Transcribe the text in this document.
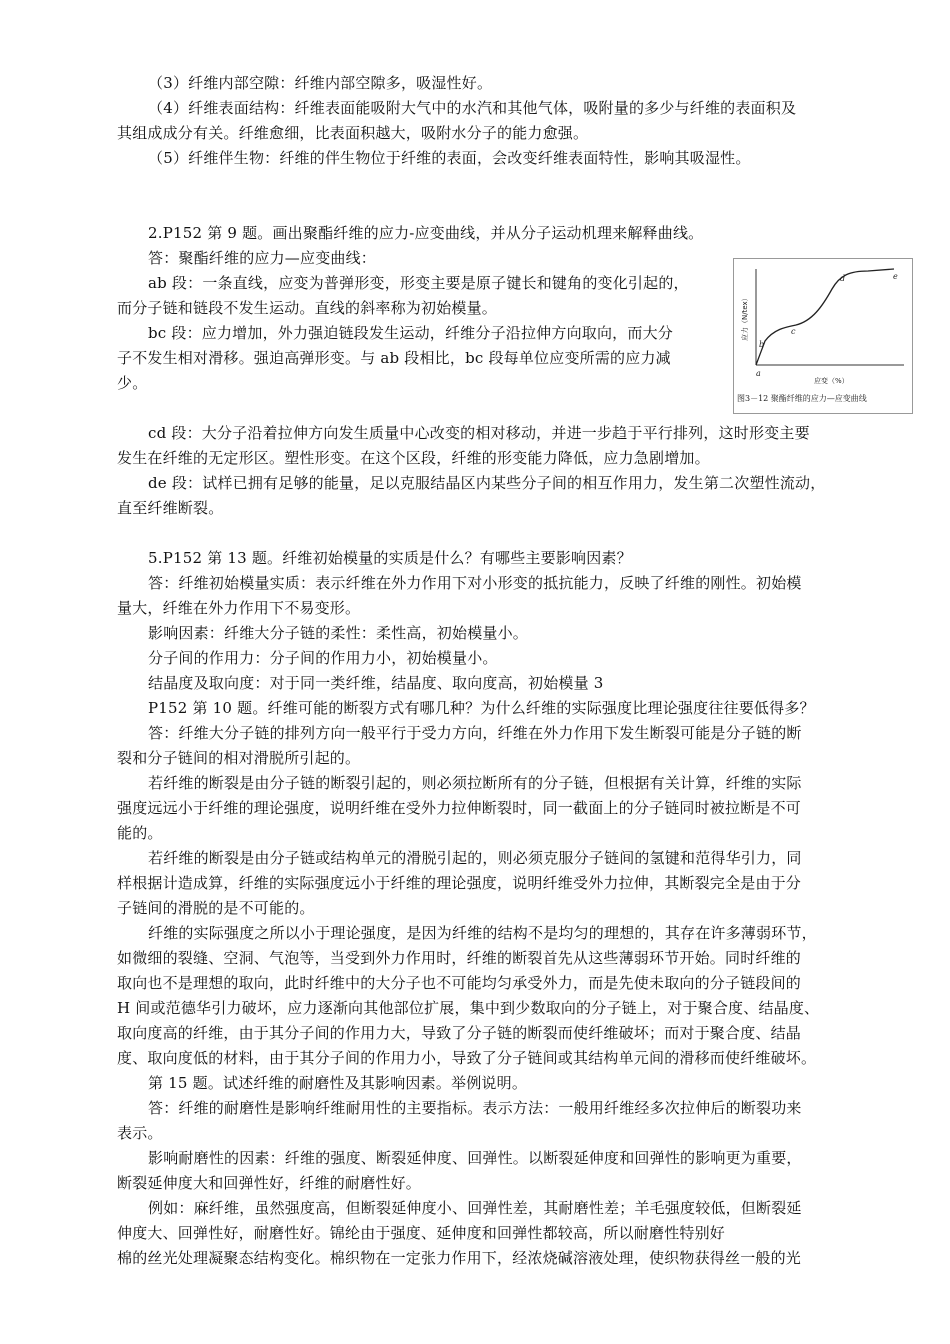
（3）纤维内部空隙：纤维内部空隙多，吸湿性好。
（4）纤维表面结构：纤维表面能吸附大气中的水汽和其他气体，吸附量的多少与纤维的表面积及
其组成成分有关。纤维愈细，比表面积越大，吸附水分子的能力愈强。
（5）纤维伴生物：纤维的伴生物位于纤维的表面，会改变纤维表面特性，影响其吸湿性。
2.P152 第 9 题。画出聚酯纤维的应力-应变曲线，并从分子运动机理来解释曲线。
答：聚酯纤维的应力—应变曲线：
ab 段：一条直线，应变为普弹形变，形变主要是原子键长和键角的变化引起的，
而分子链和链段不发生运动。直线的斜率称为初始模量。
bc 段：应力增加，外力强迫链段发生运动，纤维分子沿拉伸方向取向，而大分
子不发生相对滑移。强迫高弹形变。与 ab 段相比，bc 段每单位应变所需的应力减
少。
a
b
c
d	e
应力（N/tex）
应变（%）
图3－12 聚酯纤维的应力—应变曲线
cd 段：大分子沿着拉伸方向发生质量中心改变的相对移动，并进一步趋于平行排列，这时形变主要
发生在纤维的无定形区。塑性形变。在这个区段，纤维的形变能力降低，应力急剧增加。
de 段：试样已拥有足够的能量，足以克服结晶区内某些分子间的相互作用力，发生第二次塑性流动，
直至纤维断裂。
5.P152 第 13 题。纤维初始模量的实质是什么？有哪些主要影响因素？
答：纤维初始模量实质：表示纤维在外力作用下对小形变的抵抗能力，反映了纤维的刚性。初始模
量大，纤维在外力作用下不易变形。
影响因素：纤维大分子链的柔性：柔性高，初始模量小。
分子间的作用力：分子间的作用力小，初始模量小。
结晶度及取向度：对于同一类纤维，结晶度、取向度高，初始模量 3
P152 第 10 题。纤维可能的断裂方式有哪几种？为什么纤维的实际强度比理论强度往往要低得多？
答：纤维大分子链的排列方向一般平行于受力方向，纤维在外力作用下发生断裂可能是分子链的断
裂和分子链间的相对滑脱所引起的。
若纤维的断裂是由分子链的断裂引起的，则必须拉断所有的分子链，但根据有关计算，纤维的实际
强度远远小于纤维的理论强度，说明纤维在受外力拉伸断裂时，同一截面上的分子链同时被拉断是不可
能的。
若纤维的断裂是由分子链或结构单元的滑脱引起的，则必须克服分子链间的氢键和范得华引力，同
样根据计造成算，纤维的实际强度远小于纤维的理论强度，说明纤维受外力拉伸，其断裂完全是由于分
子链间的滑脱的是不可能的。
纤维的实际强度之所以小于理论强度，是因为纤维的结构不是均匀的理想的，其存在许多薄弱环节，
如微细的裂缝、空洞、气泡等，当受到外力作用时，纤维的断裂首先从这些薄弱环节开始。同时纤维的
取向也不是理想的取向，此时纤维中的大分子也不可能均匀承受外力，而是先使未取向的分子链段间的
H 间或范德华引力破坏，应力逐渐向其他部位扩展，集中到少数取向的分子链上，对于聚合度、结晶度、
取向度高的纤维，由于其分子间的作用力大，导致了分子链的断裂而使纤维破坏；而对于聚合度、结晶
度、取向度低的材料，由于其分子间的作用力小，导致了分子链间或其结构单元间的滑移而使纤维破坏。
第 15 题。试述纤维的耐磨性及其影响因素。举例说明。
答：纤维的耐磨性是影响纤维耐用性的主要指标。表示方法：一般用纤维经多次拉伸后的断裂功来
表示。
影响耐磨性的因素：纤维的强度、断裂延伸度、回弹性。以断裂延伸度和回弹性的影响更为重要，
断裂延伸度大和回弹性好，纤维的耐磨性好。
例如：麻纤维，虽然强度高，但断裂延伸度小、回弹性差，其耐磨性差；羊毛强度较低，但断裂延
伸度大、回弹性好，耐磨性好。锦纶由于强度、延伸度和回弹性都较高，所以耐磨性特别好
棉的丝光处理凝聚态结构变化。棉织物在一定张力作用下，经浓烧碱溶液处理，使织物获得丝一般的光
